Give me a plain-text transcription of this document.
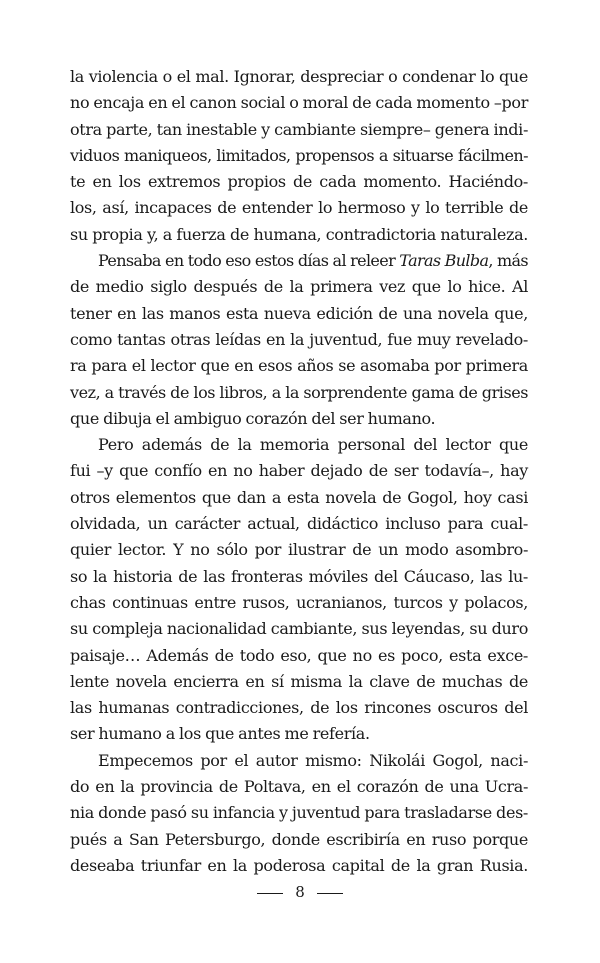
la violencia o el mal. Ignorar, despreciar o condenar lo que
no encaja en el canon social o moral de cada momento –por
otra parte, tan inestable y cambiante siempre– genera indi-
viduos maniqueos, limitados, propensos a situarse fácilmen-
te en los extremos propios de cada momento. Haciéndo-
los, así, incapaces de entender lo hermoso y lo terrible de
su propia y, a fuerza de humana, contradictoria naturaleza.
Pensaba en todo eso estos días al releer Taras Bulba, más
de medio siglo después de la primera vez que lo hice. Al
tener en las manos esta nueva edición de una novela que,
como tantas otras leídas en la juventud, fue muy revelado-
ra para el lector que en esos años se asomaba por primera
vez, a través de los libros, a la sorprendente gama de grises
que dibuja el ambiguo corazón del ser humano.
Pero además de la memoria personal del lector que
fui –y que confío en no haber dejado de ser todavía–, hay
otros elementos que dan a esta novela de Gogol, hoy casi
olvidada, un carácter actual, didáctico incluso para cual-
quier lector. Y no sólo por ilustrar de un modo asombro-
so la historia de las fronteras móviles del Cáucaso, las lu-
chas continuas entre rusos, ucranianos, turcos y polacos,
su compleja nacionalidad cambiante, sus leyendas, su duro
paisaje… Además de todo eso, que no es poco, esta exce-
lente novela encierra en sí misma la clave de muchas de
las humanas contradicciones, de los rincones oscuros del
ser humano a los que antes me refería.
Empecemos por el autor mismo: Nikolái Gogol, naci-
do en la provincia de Poltava, en el corazón de una Ucra-
nia donde pasó su infancia y juventud para trasladarse des-
pués a San Petersburgo, donde escribiría en ruso porque
deseaba triunfar en la poderosa capital de la gran Rusia.
8
